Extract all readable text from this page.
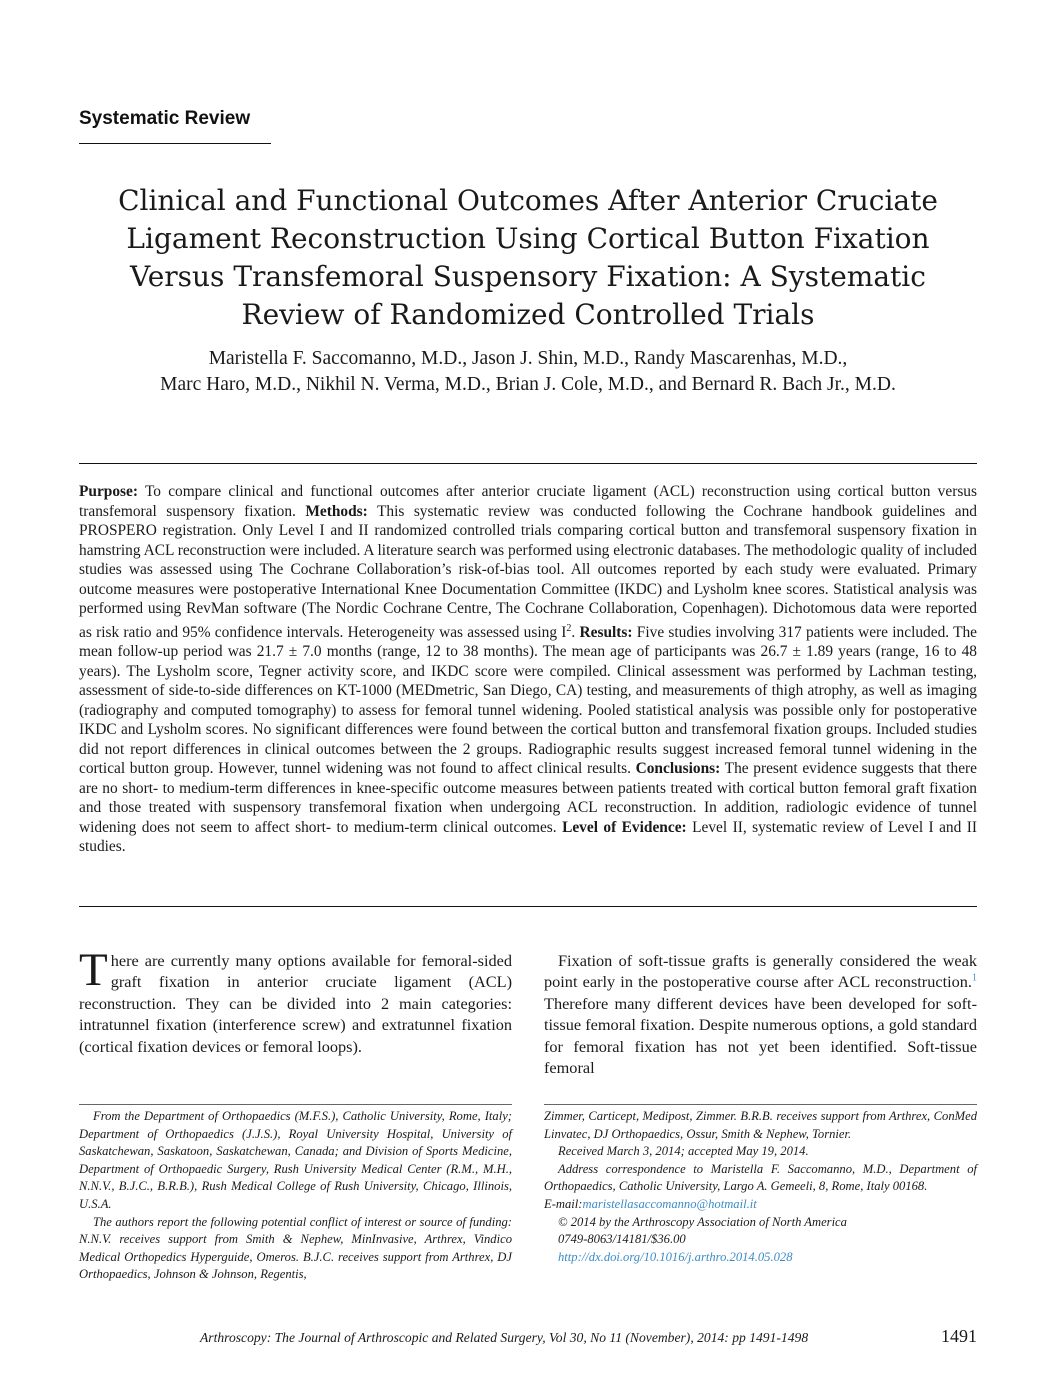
Systematic Review
Clinical and Functional Outcomes After Anterior Cruciate
Ligament Reconstruction Using Cortical Button Fixation
Versus Transfemoral Suspensory Fixation: A Systematic
Review of Randomized Controlled Trials
Maristella F. Saccomanno, M.D., Jason J. Shin, M.D., Randy Mascarenhas, M.D.,
Marc Haro, M.D., Nikhil N. Verma, M.D., Brian J. Cole, M.D., and Bernard R. Bach Jr., M.D.
Purpose: To compare clinical and functional outcomes after anterior cruciate ligament (ACL) reconstruction using cortical button versus transfemoral suspensory fixation. Methods: This systematic review was conducted following the Cochrane handbook guidelines and PROSPERO registration. Only Level I and II randomized controlled trials comparing cortical button and transfemoral suspensory fixation in hamstring ACL reconstruction were included. A literature search was performed using electronic databases. The methodologic quality of included studies was assessed using The Cochrane Collaboration’s risk-of-bias tool. All outcomes reported by each study were evaluated. Primary outcome measures were postoperative International Knee Documentation Committee (IKDC) and Lysholm knee scores. Statistical analysis was performed using RevMan software (The Nordic Cochrane Centre, The Cochrane Collaboration, Copenhagen). Dichotomous data were reported as risk ratio and 95% confidence intervals. Heterogeneity was assessed using $I^2$. Results: Five studies involving 317 patients were included. The mean follow-up period was 21.7 ± 7.0 months (range, 12 to 38 months). The mean age of participants was 26.7 ± 1.89 years (range, 16 to 48 years). The Lysholm score, Tegner activity score, and IKDC score were compiled. Clinical assessment was performed by Lachman testing, assessment of side-to-side differences on KT-1000 (MEDmetric, San Diego, CA) testing, and measurements of thigh atrophy, as well as imaging (radiography and computed tomography) to assess for femoral tunnel widening. Pooled statistical analysis was possible only for postoperative IKDC and Lysholm scores. No significant differences were found between the cortical button and transfemoral fixation groups. Included studies did not report differences in clinical outcomes between the 2 groups. Radiographic results suggest increased femoral tunnel widening in the cortical button group. However, tunnel widening was not found to affect clinical results. Conclusions: The present evidence suggests that there are no short- to medium-term differences in knee-specific outcome measures between patients treated with cortical button femoral graft fixation and those treated with suspensory transfemoral fixation when undergoing ACL reconstruction. In addition, radiologic evidence of tunnel widening does not seem to affect short- to medium-term clinical outcomes. Level of Evidence: Level II, systematic review of Level I and II studies.

There are currently many options available for femoral-sided graft fixation in anterior cruciate ligament (ACL) reconstruction. They can be divided into 2 main categories: intratunnel fixation (interference screw) and extratunnel fixation (cortical fixation devices or femoral loops).

Fixation of soft-tissue grafts is generally considered the weak point early in the postoperative course after ACL reconstruction.$^1$ Therefore many different devices have been developed for soft-tissue femoral fixation. Despite numerous options, a gold standard for femoral fixation has not yet been identified. Soft-tissue femoral

From the Department of Orthopaedics (M.F.S.), Catholic University, Rome, Italy; Department of Orthopaedics (J.J.S.), Royal University Hospital, University of Saskatchewan, Saskatoon, Saskatchewan, Canada; and Division of Sports Medicine, Department of Orthopaedic Surgery, Rush University Medical Center (R.M., M.H., N.N.V., B.J.C., B.R.B.), Rush Medical College of Rush University, Chicago, Illinois, U.S.A.

The authors report the following potential conflict of interest or source of funding: N.N.V. receives support from Smith & Nephew, MinInvasive, Arthrex, Vindico Medical Orthopedics Hyperguide, Omeros. B.J.C. receives support from Arthrex, DJ Orthopaedics, Johnson & Johnson, Regentis,

Zimmer, Carticept, Medipost, Zimmer. B.R.B. receives support from Arthrex, ConMed Linvatec, DJ Orthopaedics, Ossur, Smith & Nephew, Tornier.

Received March 3, 2014; accepted May 19, 2014.

Address correspondence to Maristella F. Saccomanno, M.D., Department of Orthopaedics, Catholic University, Largo A. Gemeeli, 8, Rome, Italy 00168.
E-mail:maristellasaccomanno@hotmail.it

© 2014 by the Arthroscopy Association of North America

0749-8063/14181/$36.00

http://dx.doi.org/10.1016/j.arthro.2014.05.028

Arthroscopy: The Journal of Arthroscopic and Related Surgery, Vol 30, No 11 (November), 2014: pp 1491-1498	1491
